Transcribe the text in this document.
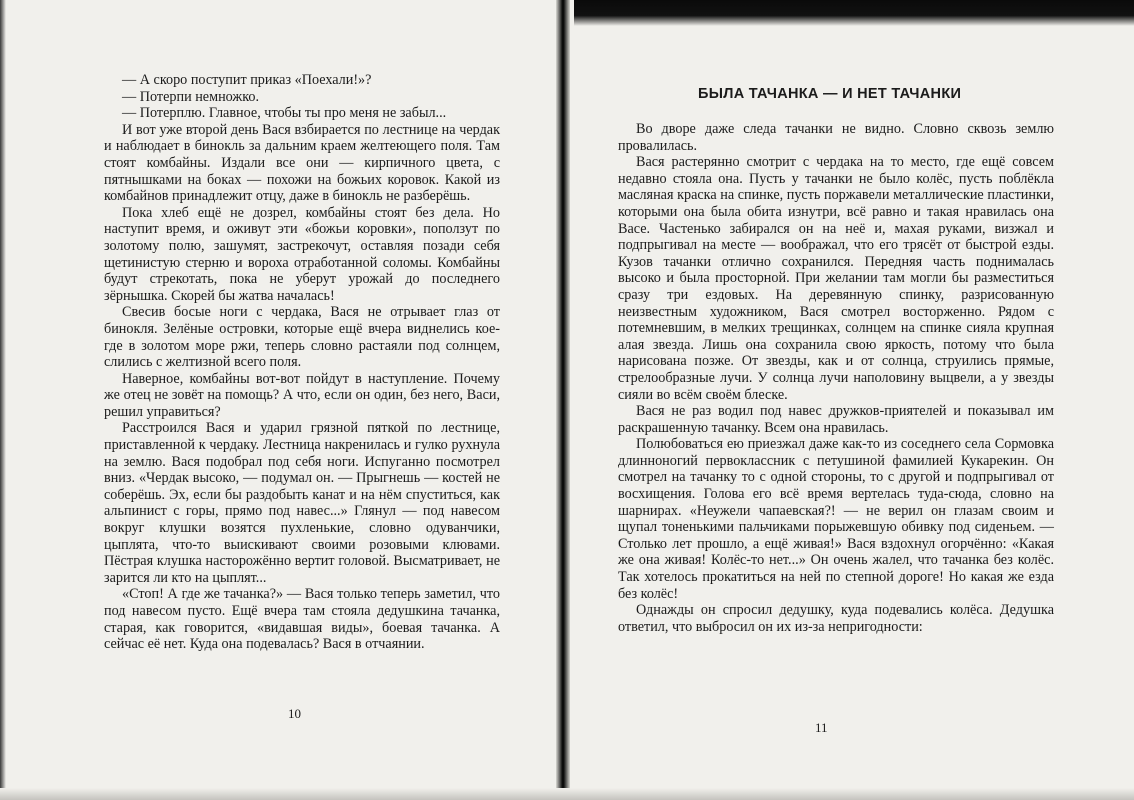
— А скоро поступит приказ «Поехали!»?

— Потерпи немножко.

— Потерплю. Главное, чтобы ты про меня не забыл...

И вот уже второй день Вася взбирается по лестнице на чердак и наблюдает в бинокль за дальним краем желтеющего поля. Там стоят комбайны. Издали все они — кирпичного цвета, с пятнышками на боках — похожи на божьих коровок. Какой из комбайнов принадлежит отцу, даже в бинокль не разберёшь.

Пока хлеб ещё не дозрел, комбайны стоят без дела. Но наступит время, и оживут эти «божьи коровки», поползут по золотому полю, зашумят, застрекочут, оставляя позади себя щетинистую стерню и вороха отработанной соломы. Комбайны будут стрекотать, пока не уберут урожай до последнего зёрнышка. Скорей бы жатва началась!

Свесив босые ноги с чердака, Вася не отрывает глаз от бинокля. Зелёные островки, которые ещё вчера виднелись кое-где в золотом море ржи, теперь словно растаяли под солнцем, слились с желтизной всего поля.

Наверное, комбайны вот-вот пойдут в наступление. Почему же отец не зовёт на помощь? А что, если он один, без него, Васи, решил управиться?

Расстроился Вася и ударил грязной пяткой по лестнице, приставленной к чердаку. Лестница накренилась и гулко рухнула на землю. Вася подобрал под себя ноги. Испуганно посмотрел вниз. «Чердак высоко, — подумал он. — Прыгнешь — костей не соберёшь. Эх, если бы раздобыть канат и на нём спуститься, как альпинист с горы, прямо под навес...» Глянул — под навесом вокруг клушки возятся пухленькие, словно одуванчики, цыплята, что-то выискивают своими розовыми клювами. Пёстрая клушка насторожённо вертит головой. Высматривает, не зарится ли кто на цыплят...

«Стоп! А где же тачанка?» — Вася только теперь заметил, что под навесом пусто. Ещё вчера там стояла дедушкина тачанка, старая, как говорится, «видавшая виды», боевая тачанка. А сейчас её нет. Куда она подевалась? Вася в отчаянии.

10
БЫЛА ТАЧАНКА — И НЕТ ТАЧАНКИ

Во дворе даже следа тачанки не видно. Словно сквозь землю провалилась.

Вася растерянно смотрит с чердака на то место, где ещё совсем недавно стояла она. Пусть у тачанки не было колёс, пусть поблёкла масляная краска на спинке, пусть поржавели металлические пластинки, которыми она была обита изнутри, всё равно и такая нравилась она Васе. Частенько забирался он на неё и, махая руками, визжал и подпрыгивал на месте — воображал, что его трясёт от быстрой езды. Кузов тачанки отлично сохранился. Передняя часть поднималась высоко и была просторной. При желании там могли бы разместиться сразу три ездовых. На деревянную спинку, разрисованную неизвестным художником, Вася смотрел восторженно. Рядом с потемневшим, в мелких трещинках, солнцем на спинке сияла крупная алая звезда. Лишь она сохранила свою яркость, потому что была нарисована позже. От звезды, как и от солнца, струились прямые, стрелообразные лучи. У солнца лучи наполовину выцвели, а у звезды сияли во всём своём блеске.

Вася не раз водил под навес дружков-приятелей и показывал им раскрашенную тачанку. Всем она нравилась.

Полюбоваться ею приезжал даже как-то из соседнего села Сормовка длинноногий первоклассник с петушиной фамилией Кукарекин. Он смотрел на тачанку то с одной стороны, то с другой и подпрыгивал от восхищения. Голова его всё время вертелась туда-сюда, словно на шарнирах. «Неужели чапаевская?! — не верил он глазам своим и щупал тоненькими пальчиками порыжевшую обивку под сиденьем. — Столько лет прошло, а ещё живая!» Вася вздохнул огорчённо: «Какая же она живая! Колёс-то нет...» Он очень жалел, что тачанка без колёс. Так хотелось прокатиться на ней по степной дороге! Но какая же езда без колёс!

Однажды он спросил дедушку, куда подевались колёса. Дедушка ответил, что выбросил он их из-за непригодности:

11
